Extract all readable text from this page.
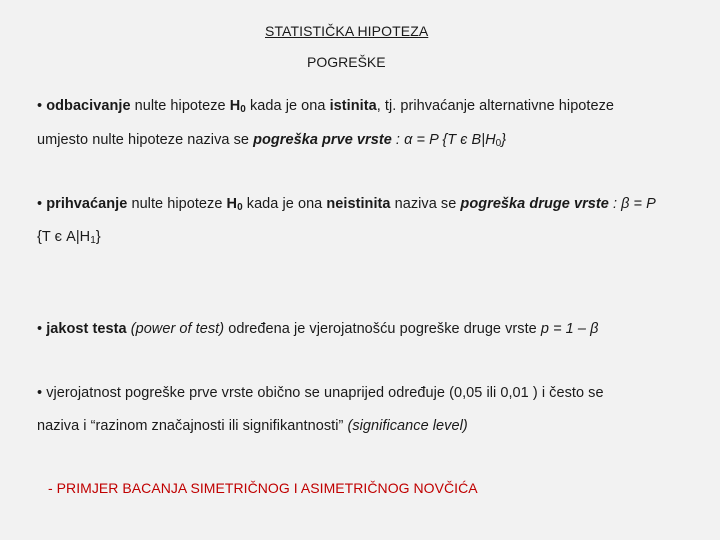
STATISTIČKA HIPOTEZA
POGREŠKE
• odbacivanje nulte hipoteze $H_0$ kada je ona istinita, tj. prihvaćanje alternativne hipoteze
umjesto nulte hipoteze naziva se pogreška prve vrste : α = P {T є $B|H_0$}
• prihvaćanje nulte hipoteze $H_0$ kada je ona neistinita naziva se pogreška druge vrste : β = P
{T є $A|H_1$}
• jakost testa (power of test) određena je vjerojatnošću pogreške druge vrste p = 1 – β
• vjerojatnost pogreške prve vrste obično se unaprijed određuje (0,05 ili 0,01 ) i često se
naziva i “razinom značajnosti ili signifikantnosti” (significance level)
- PRIMJER BACANJA SIMETRIČNOG I ASIMETRIČNOG NOVČIĆA
